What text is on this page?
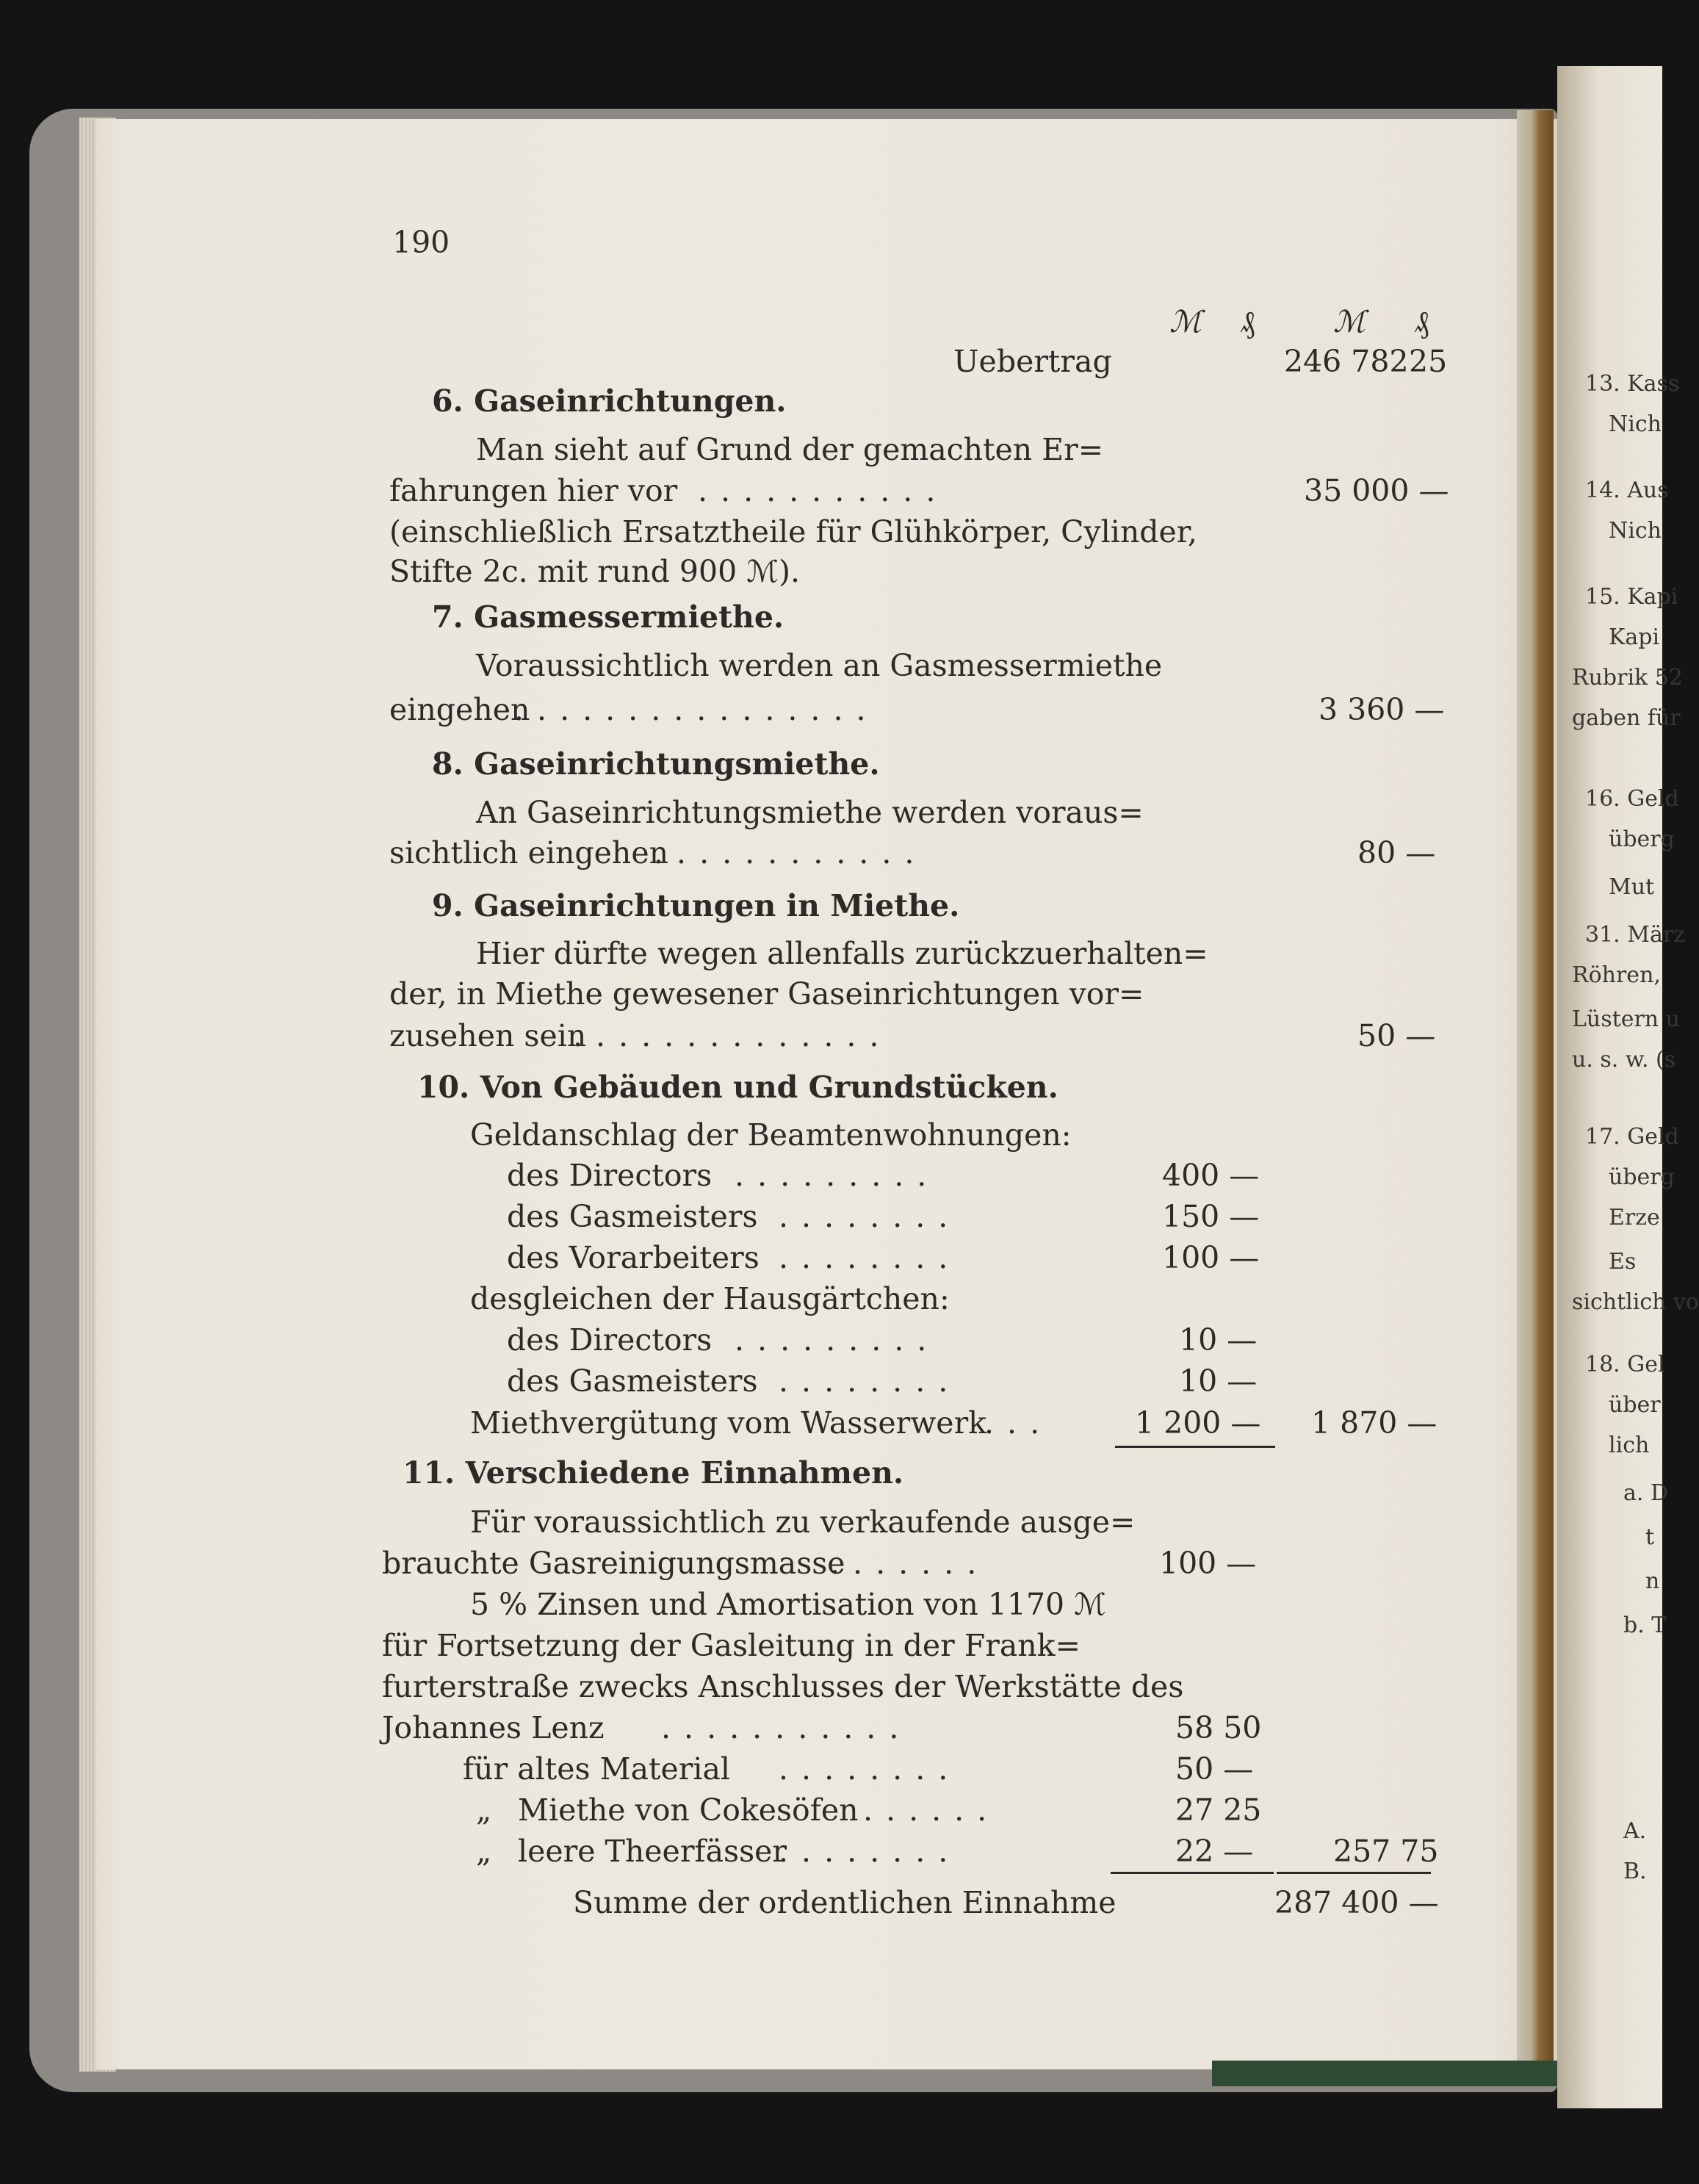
13. Kass
Nich
14. Aus
Nich
15. Kapi
Kapi
Rubrik 52
gaben für
16. Geld
überg
Mut
31. März
Röhren,
Lüstern u
u. s. w. (s
17. Geld
überg
Erze
Es
sichtlich vo
18. Gel
über
lich
a. D
t
n
b. T
A.
B.
190
ℳ ₰	ℳ ₰
Uebertrag	246 782 25
6. Gaseinrichtungen.
Man sieht auf Grund der gemachten Er=
fahrungen hier vor ...........	35 000 —
(einschließlich Ersatztheile für Glühkörper, Cylinder,
Stifte 2c. mit rund 900 ℳ).
7. Gasmessermiethe.
Voraussichtlich werden an Gasmessermiethe
eingehen
................	3 360 —
8. Gaseinrichtungsmiethe.
An Gaseinrichtungsmiethe werden voraus=
sichtlich eingehen
............	80 —
9. Gaseinrichtungen in Miethe.
Hier dürfte wegen allenfalls zurückzuerhalten=
der, in Miethe gewesener Gaseinrichtungen vor=
zusehen sein
..............	50 —
10. Von Gebäuden und Grundstücken.
Geldanschlag der Beamtenwohnungen:
des Directors .........	400 —
des Gasmeisters ........	150 —
des Vorarbeiters ........	100 —
desgleichen der Hausgärtchen:
des Directors .........	10 —
des Gasmeisters ........	10 —
Miethvergütung vom Wasserwerk
...	1 200 — 1 870 —
11. Verschiedene Einnahmen.
Für voraussichtlich zu verkaufende ausge=
brauchte Gasreinigungsmasse
.......	100 —
5 % Zinsen und Amortisation von 1170 ℳ
für Fortsetzung der Gasleitung in der Frank=
furterstraße zwecks Anschlusses der Werkstätte des
Johannes Lenz ...........	58 50
für altes Material ........	50 —
„ Miethe von Cokesöfen ......	27 25
„ leere Theerfässer
........	22 —	257 75
Summe der ordentlichen Einnahme	287 400 —
